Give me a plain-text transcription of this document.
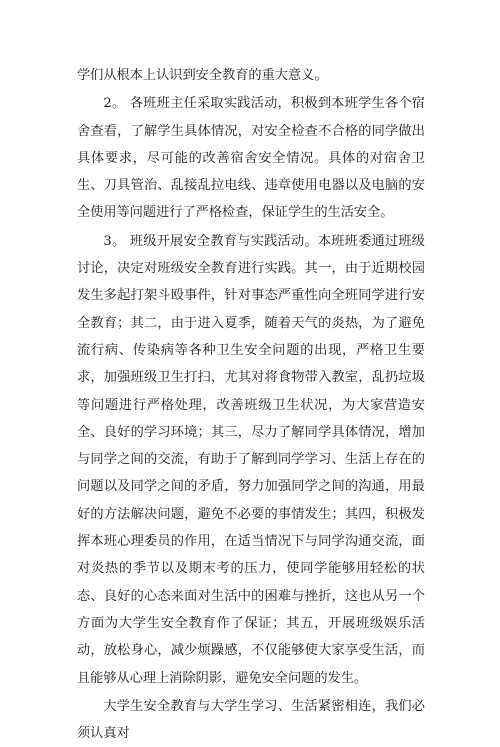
学们从根本上认识到安全教育的重大意义。

2。 各班班主任采取实践活动，积极到本班学生各个宿舍查看，了解学生具体情况，对安全检查不合格的同学做出具体要求，尽可能的改善宿舍安全情况。具体的对宿舍卫生、刀具管治、乱接乱拉电线、违章使用电器以及电脑的安全使用等问题进行了严格检查，保证学生的生活安全。

3。 班级开展安全教育与实践活动。本班班委通过班级讨论，决定对班级安全教育进行实践。其一，由于近期校园发生多起打架斗殴事件，针对事态严重性向全班同学进行安全教育；其二，由于进入夏季，随着天气的炎热，为了避免流行病、传染病等各种卫生安全问题的出现，严格卫生要求，加强班级卫生打扫，尤其对将食物带入教室，乱扔垃圾等问题进行严格处理，改善班级卫生状况，为大家营造安全、良好的学习环境；其三，尽力了解同学具体情况，增加与同学之间的交流，有助于了解到同学学习、生活上存在的问题以及同学之间的矛盾，努力加强同学之间的沟通，用最好的方法解决问题，避免不必要的事情发生；其四，积极发挥本班心理委员的作用，在适当情况下与同学沟通交流，面对炎热的季节以及期末考的压力，使同学能够用轻松的状态、良好的心态来面对生活中的困难与挫折，这也从另一个方面为大学生安全教育作了保证；其五，开展班级娱乐活动，放松身心，减少烦躁感，不仅能够使大家享受生活，而且能够从心理上消除阴影，避免安全问题的发生。

大学生安全教育与大学生学习、生活紧密相连，我们必须认真对
